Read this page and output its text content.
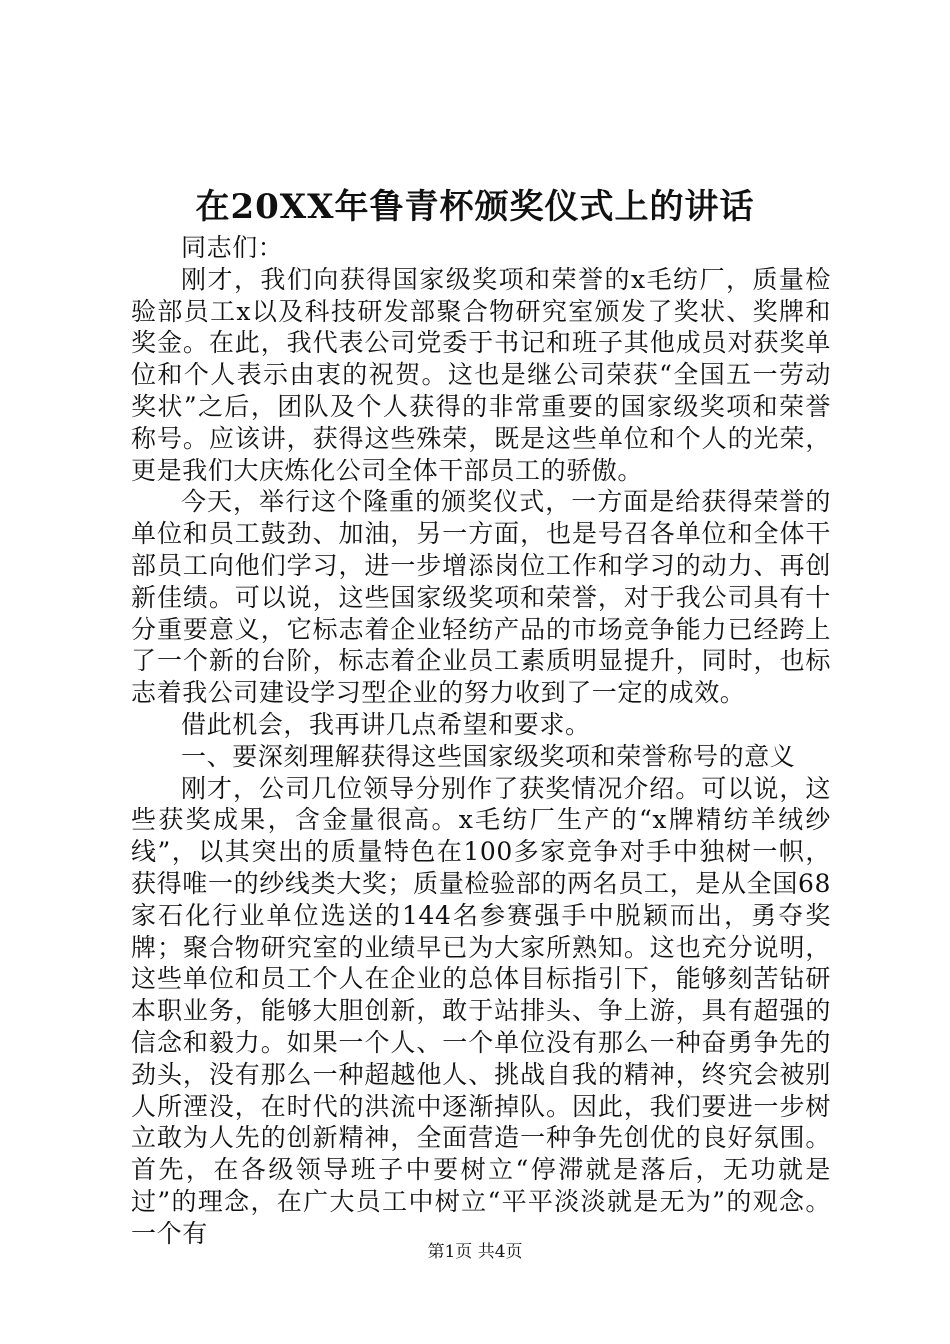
在20XX年鲁青杯颁奖仪式上的讲话

同志们：

刚才，我们向获得国家级奖项和荣誉的x毛纺厂，质量检验部员工x以及科技研发部聚合物研究室颁发了奖状、奖牌和奖金。在此，我代表公司党委于书记和班子其他成员对获奖单位和个人表示由衷的祝贺。这也是继公司荣获“全国五一劳动奖状”之后，团队及个人获得的非常重要的国家级奖项和荣誉称号。应该讲，获得这些殊荣，既是这些单位和个人的光荣，更是我们大庆炼化公司全体干部员工的骄傲。

今天，举行这个隆重的颁奖仪式，一方面是给获得荣誉的单位和员工鼓劲、加油，另一方面，也是号召各单位和全体干部员工向他们学习，进一步增添岗位工作和学习的动力、再创新佳绩。可以说，这些国家级奖项和荣誉，对于我公司具有十分重要意义，它标志着企业轻纺产品的市场竞争能力已经跨上了一个新的台阶，标志着企业员工素质明显提升，同时，也标志着我公司建设学习型企业的努力收到了一定的成效。

借此机会，我再讲几点希望和要求。

一、要深刻理解获得这些国家级奖项和荣誉称号的意义

刚才，公司几位领导分别作了获奖情况介绍。可以说，这些获奖成果，含金量很高。x毛纺厂生产的“x牌精纺羊绒纱线”，以其突出的质量特色在100多家竞争对手中独树一帜，获得唯一的纱线类大奖；质量检验部的两名员工，是从全国68家石化行业单位选送的144名参赛强手中脱颖而出，勇夺奖牌；聚合物研究室的业绩早已为大家所熟知。这也充分说明，这些单位和员工个人在企业的总体目标指引下，能够刻苦钻研本职业务，能够大胆创新，敢于站排头、争上游，具有超强的信念和毅力。如果一个人、一个单位没有那么一种奋勇争先的劲头，没有那么一种超越他人、挑战自我的精神，终究会被别人所湮没，在时代的洪流中逐渐掉队。因此，我们要进一步树立敢为人先的创新精神，全面营造一种争先创优的良好氛围。首先，在各级领导班子中要树立“停滞就是落后，无功就是过”的理念，在广大员工中树立“平平淡淡就是无为”的观念。一个有

第1页 共4页
